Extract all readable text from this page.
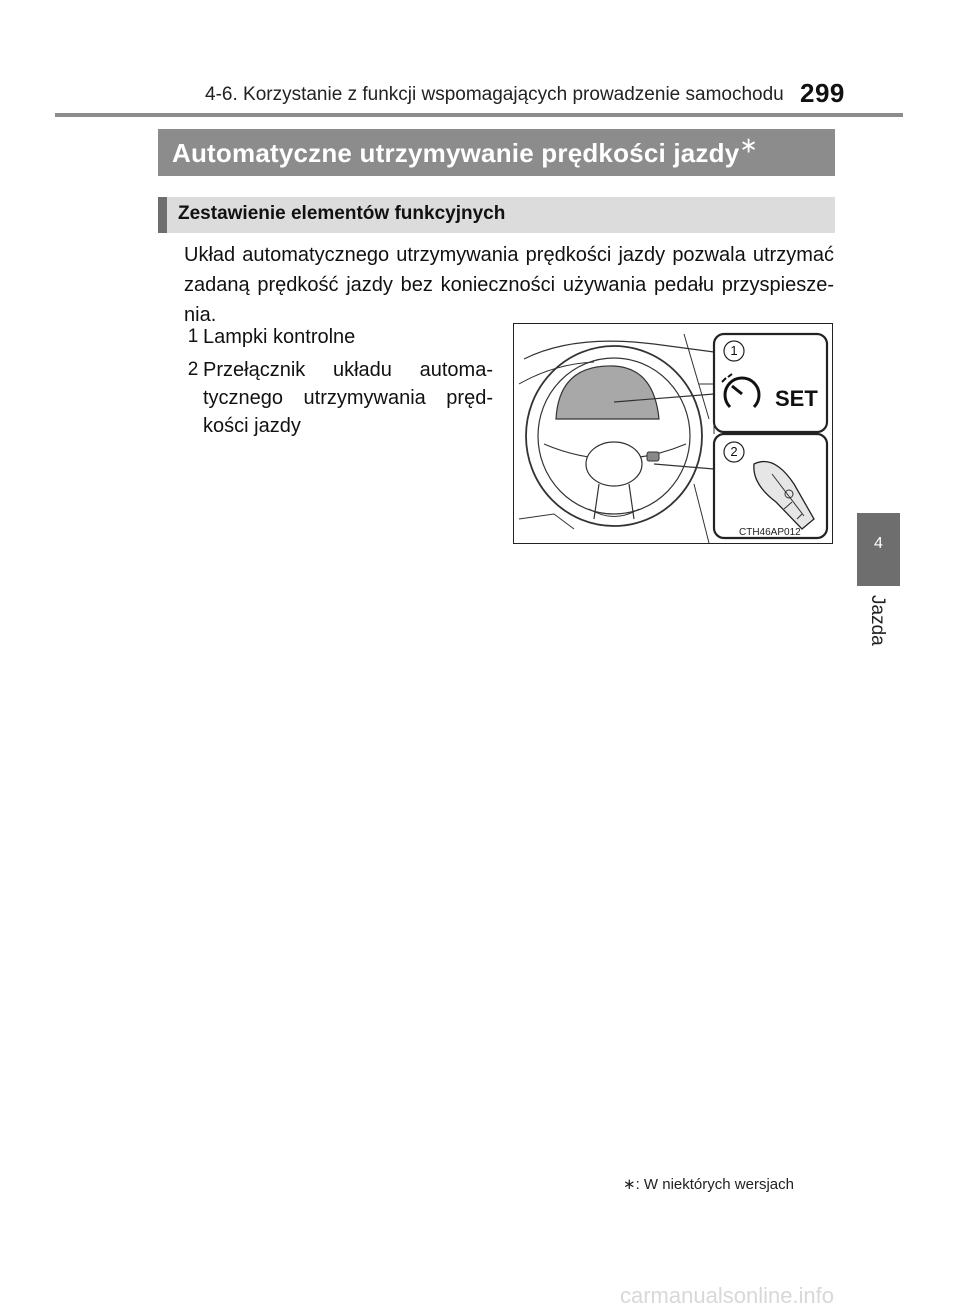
4-6. Korzystanie z funkcji wspomagających prowadzenie samochodu 299
Automatyczne utrzymywanie prędkości jazdy∗
Zestawienie elementów funkcyjnych
Układ automatycznego utrzymywania prędkości jazdy pozwala utrzymać zadaną prędkość jazdy bez konieczności używania pedału przyspiesze-nia.
1 Lampki kontrolne
2 Przełącznik układu automa-tycznego utrzymywania pręd-kości jazdy
1
2
SET
CTH46AP012
4
Jazda
∗: W niektórych wersjach
carmanualsonline.info
